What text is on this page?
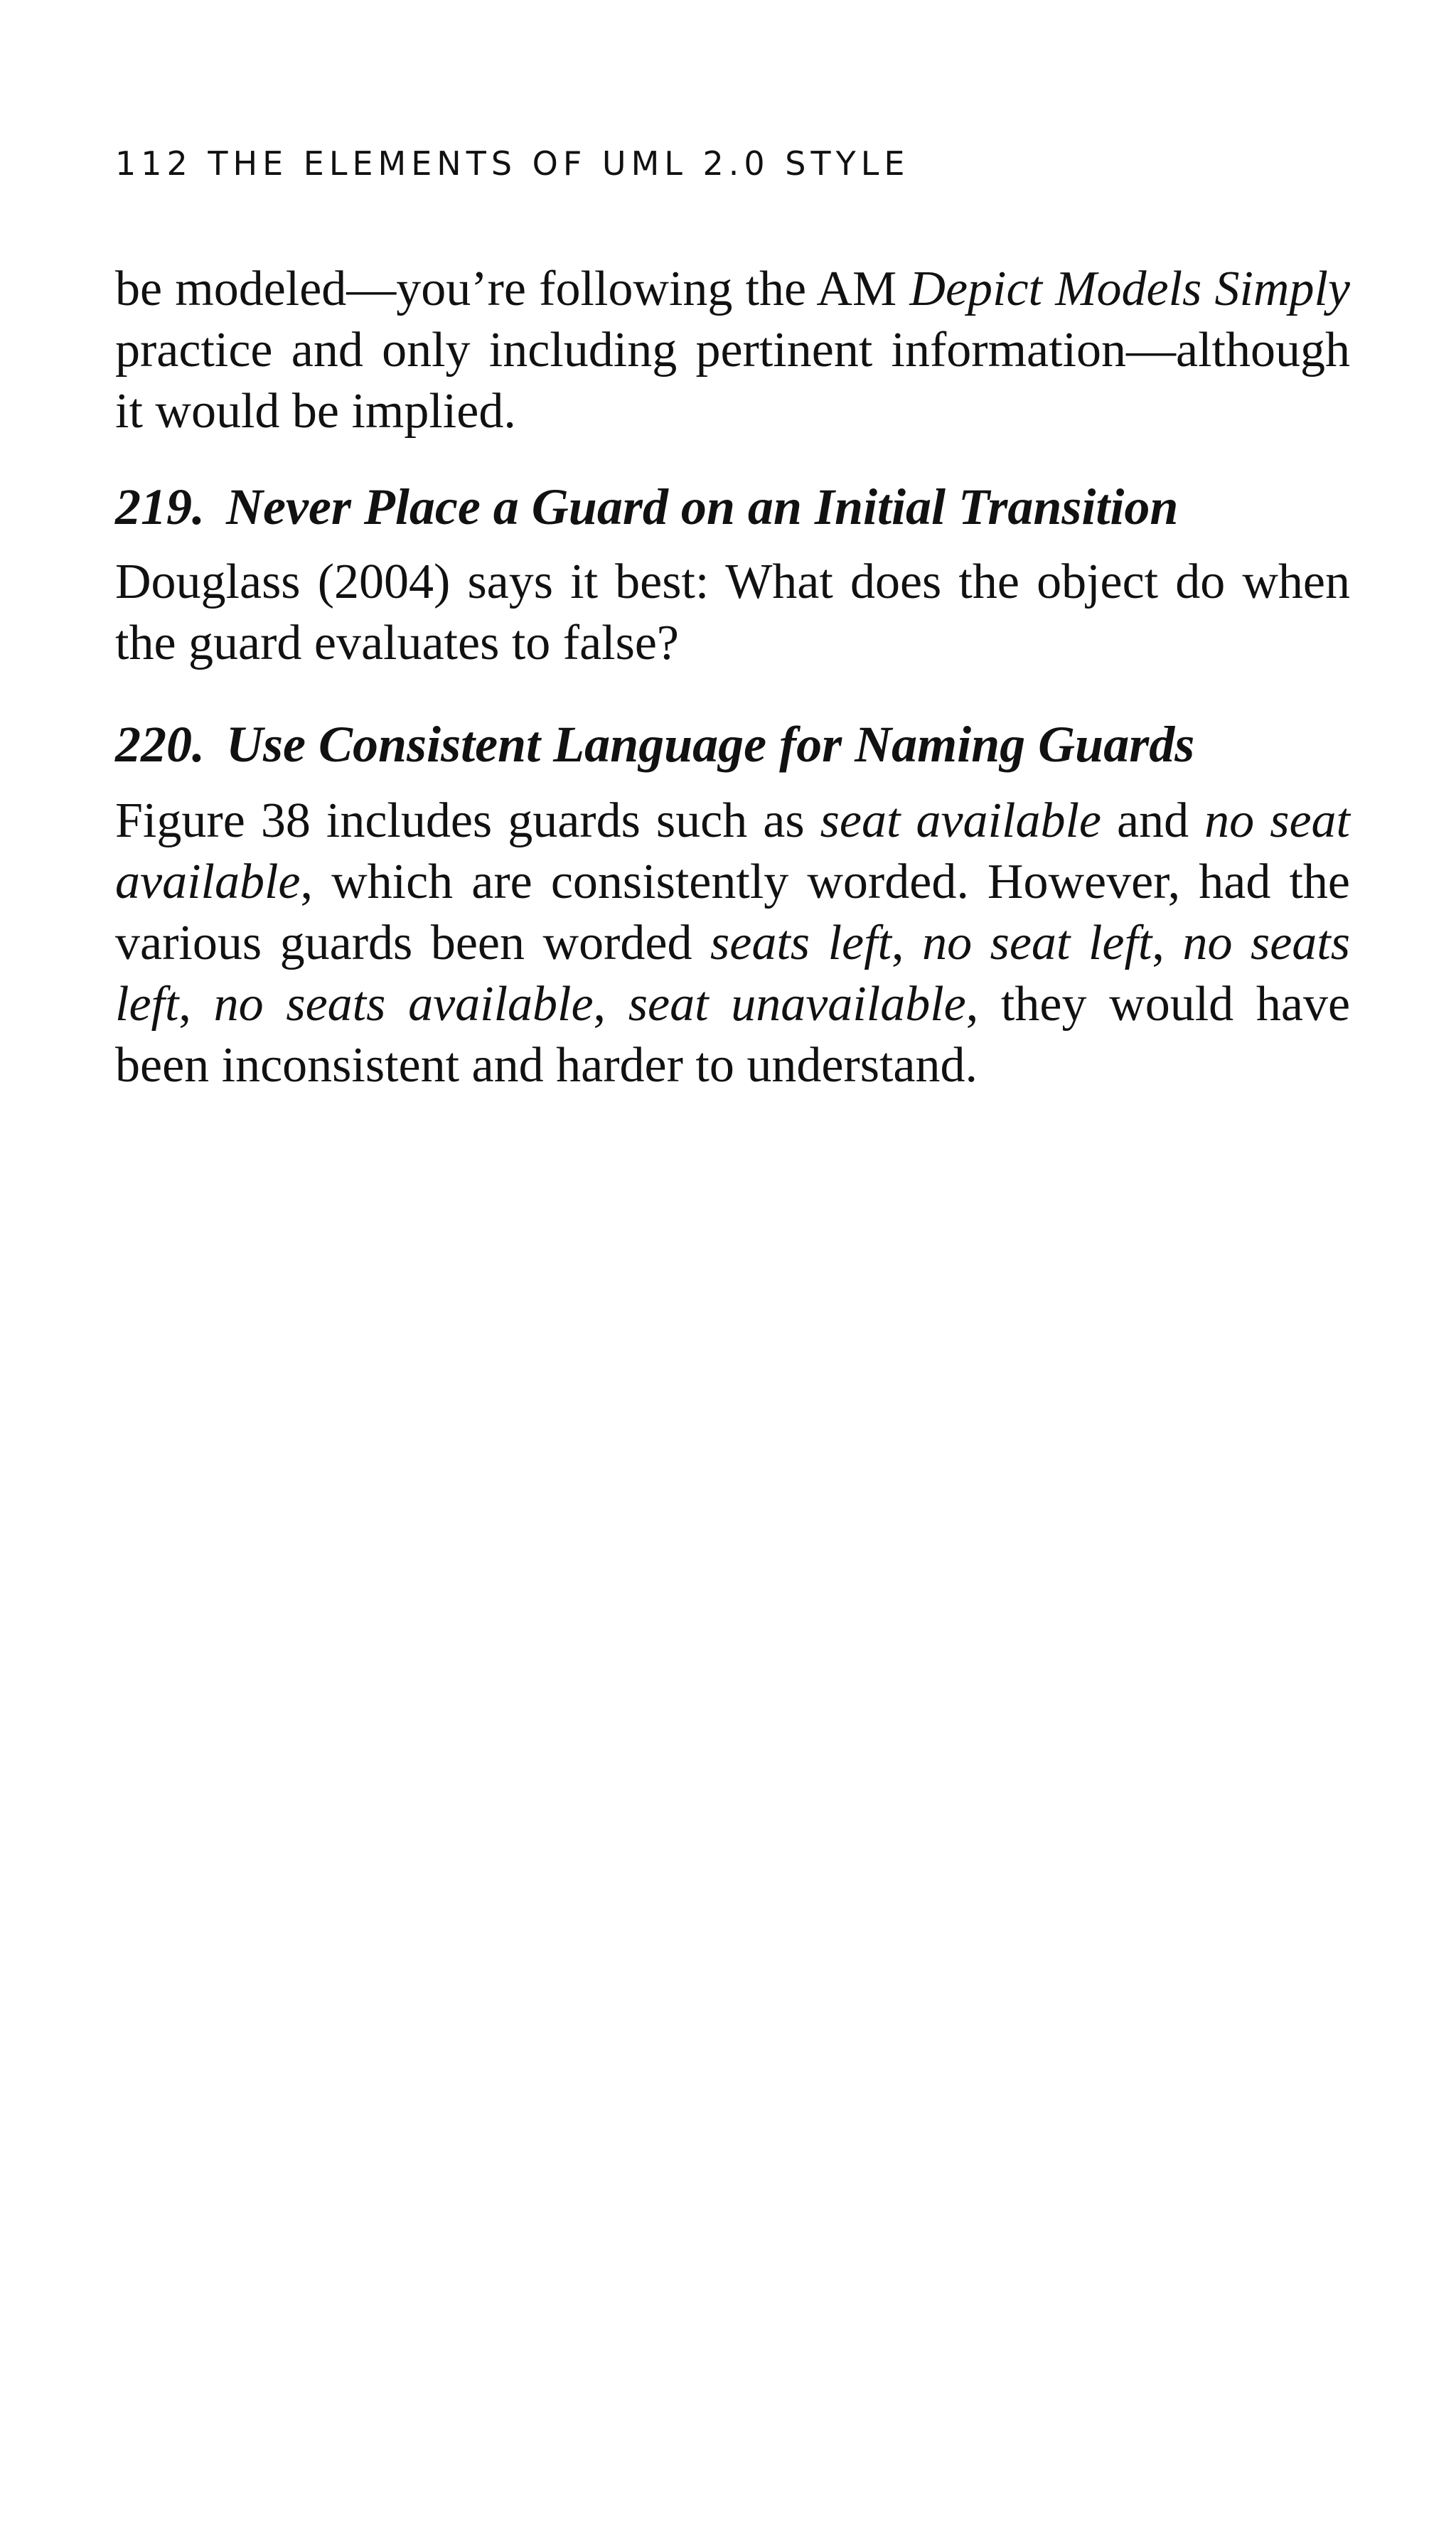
112 THE ELEMENTS OF UML 2.0 STYLE

be modeled—you’re following the AM Depict Models Simply practice and only including pertinent information—although it would be implied.

219. Never Place a Guard on an Initial Transition

Douglass (2004) says it best: What does the object do when the guard evaluates to false?

220. Use Consistent Language for Naming Guards

Figure 38 includes guards such as seat available and no seat available, which are consistently worded. However, had the various guards been worded seats left, no seat left, no seats left, no seats available, seat unavailable, they would have been inconsistent and harder to understand.
